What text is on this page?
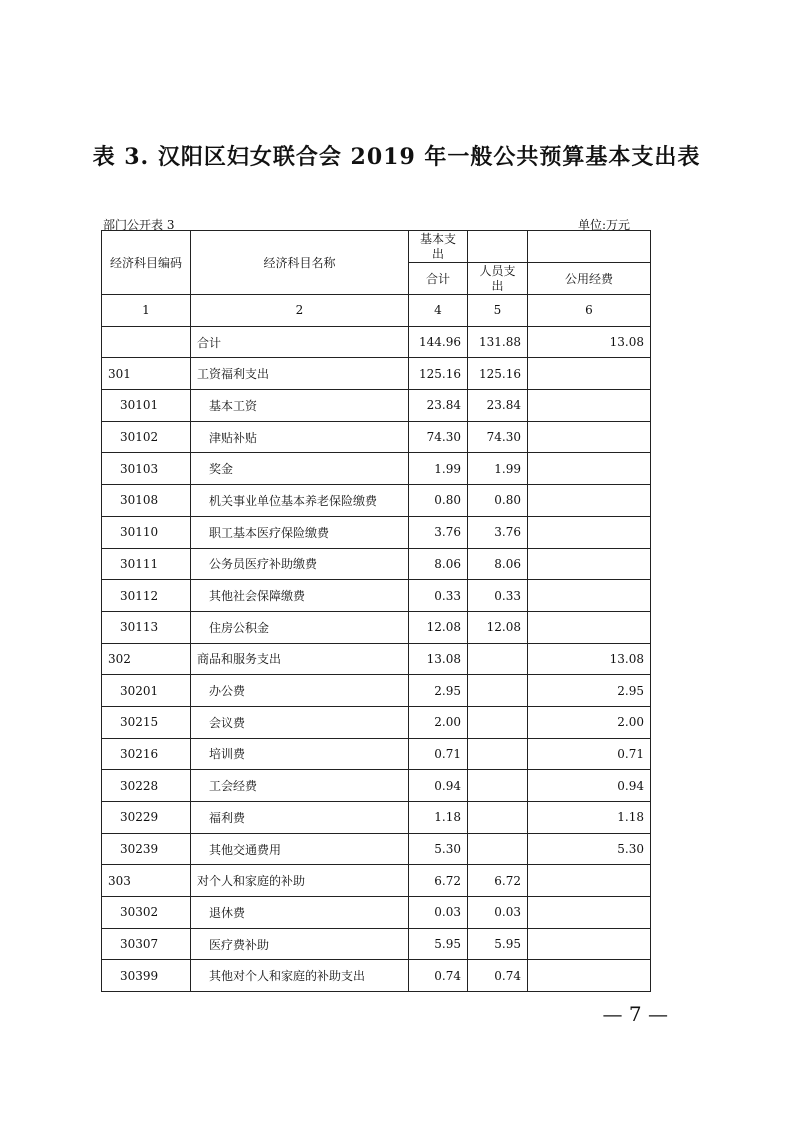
表 3. 汉阳区妇女联合会 2019 年一般公共预算基本支出表
部门公开表 3	单位:万元
经济科目编码	经济科目名称	基本支出		
		合计	人员支出	公用经费
1	2	4	5	6
	合计	144.96	131.88	13.08
301	工资福利支出	125.16	125.16	
30101	基本工资	23.84	23.84	
30102	津贴补贴	74.30	74.30	
30103	奖金	1.99	1.99	
30108	机关事业单位基本养老保险缴费	0.80	0.80	
30110	职工基本医疗保险缴费	3.76	3.76	
30111	公务员医疗补助缴费	8.06	8.06	
30112	其他社会保障缴费	0.33	0.33	
30113	住房公积金	12.08	12.08	
302	商品和服务支出	13.08		13.08
30201	办公费	2.95		2.95
30215	会议费	2.00		2.00
30216	培训费	0.71		0.71
30228	工会经费	0.94		0.94
30229	福利费	1.18		1.18
30239	其他交通费用	5.30		5.30
303	对个人和家庭的补助	6.72	6.72	
30302	退休费	0.03	0.03	
30307	医疗费补助	5.95	5.95	
30399	其他对个人和家庭的补助支出	0.74	0.74	
— 7 —
